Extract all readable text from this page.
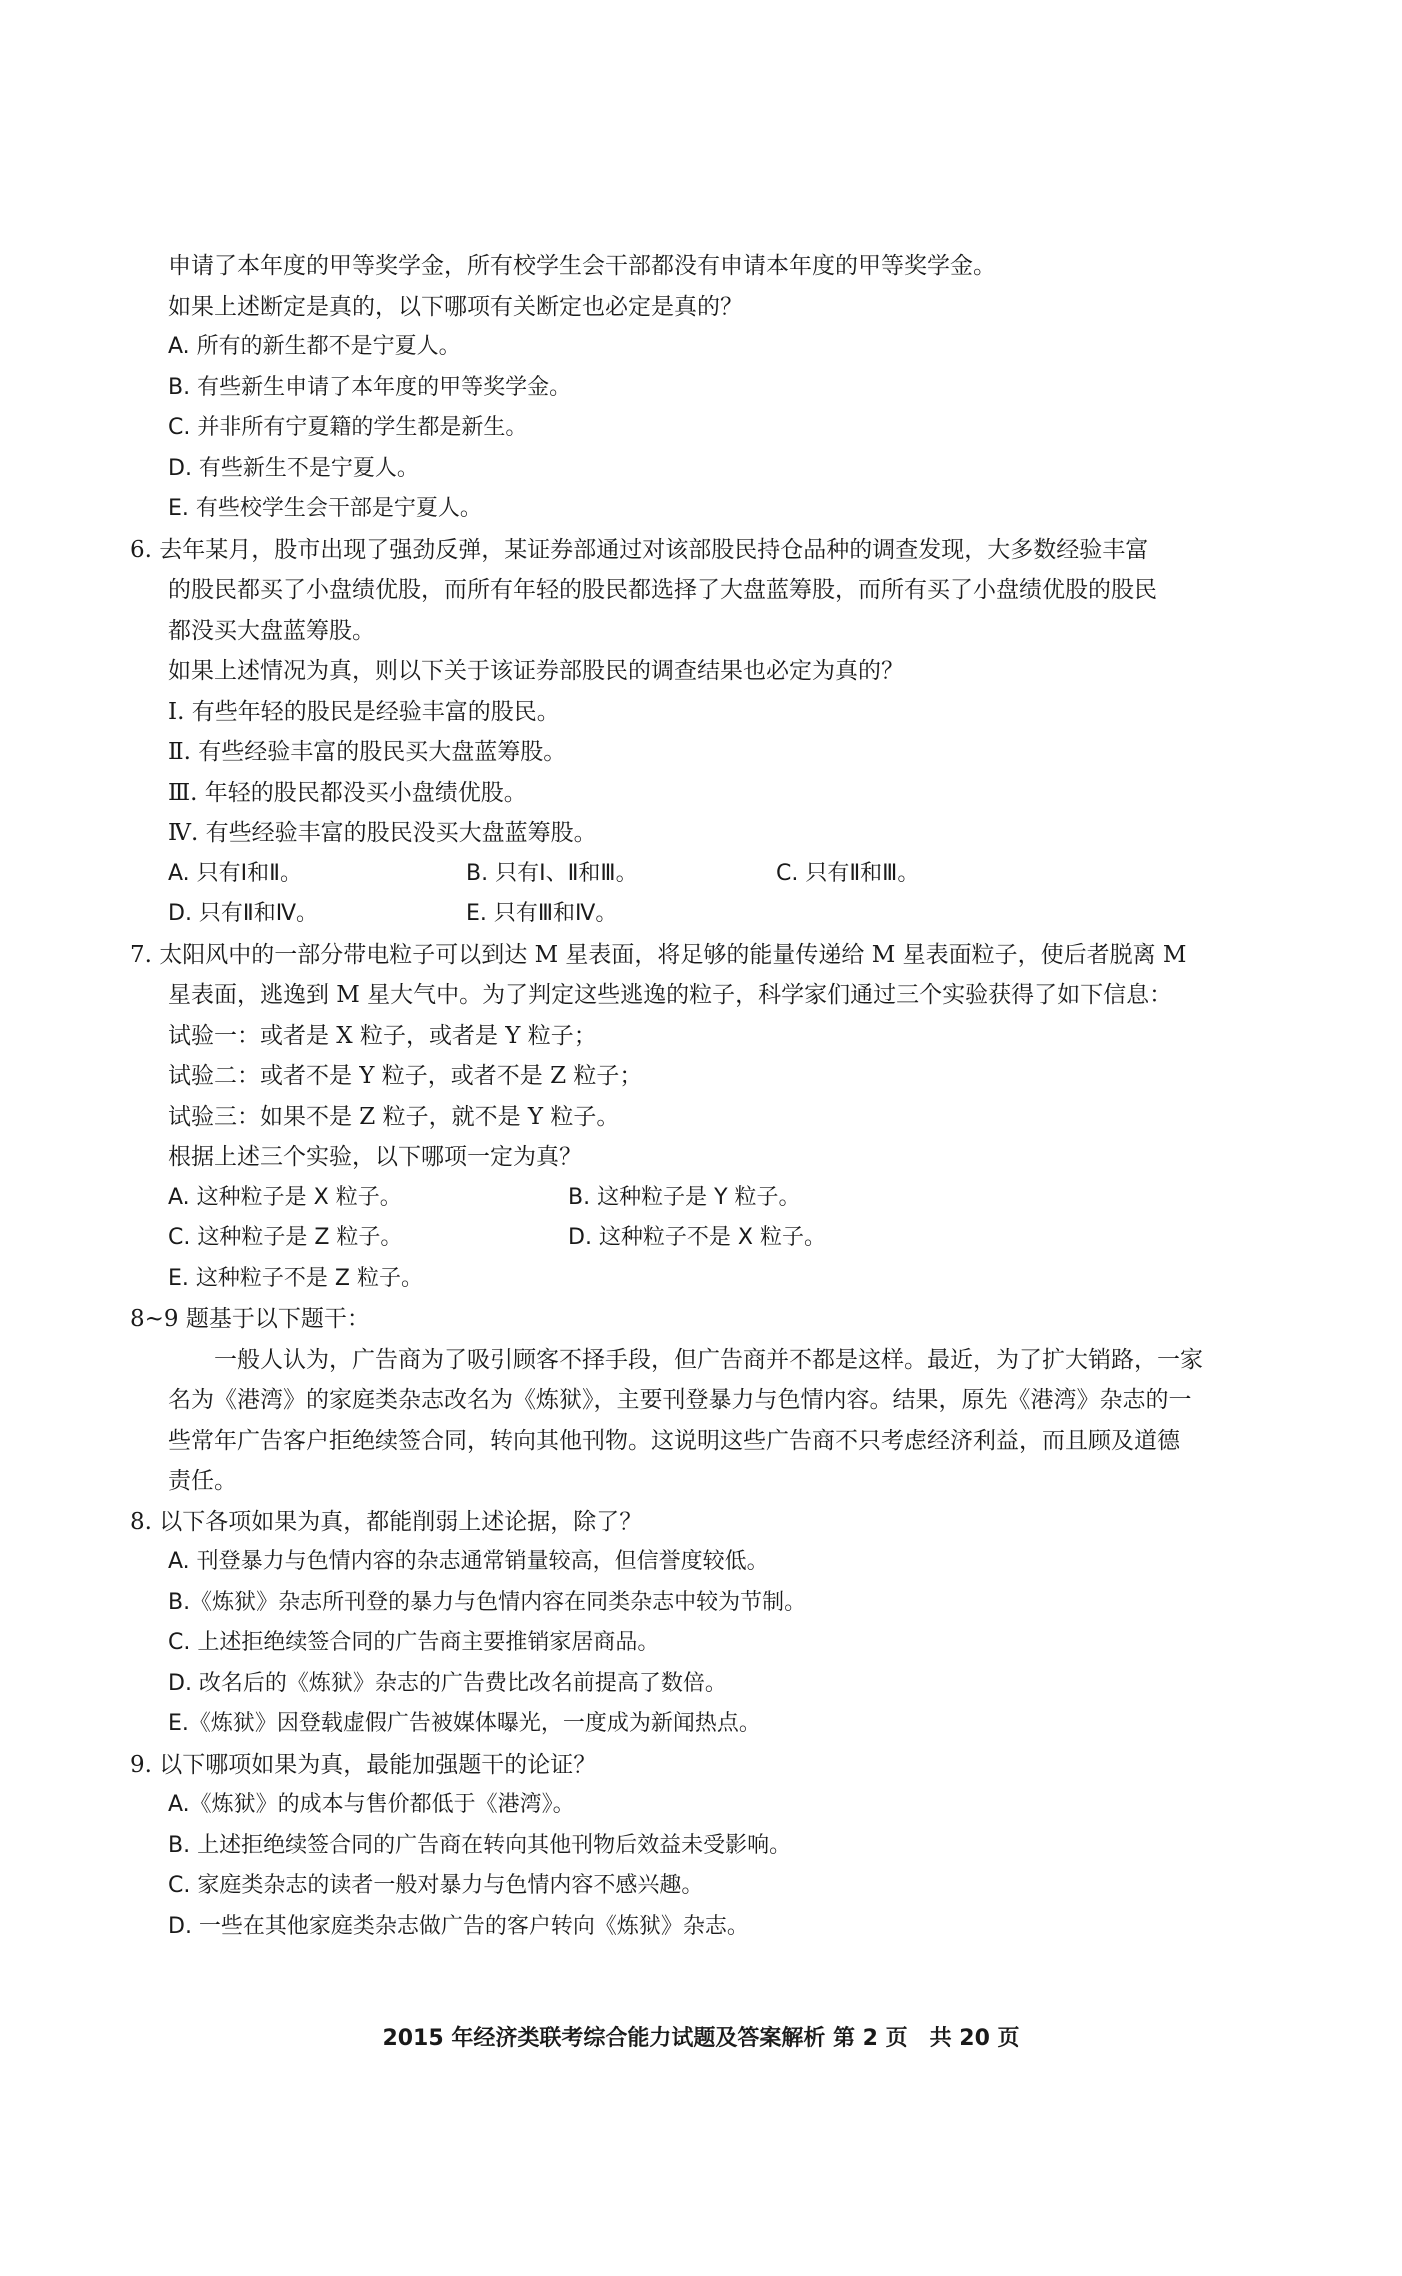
申请了本年度的甲等奖学金，所有校学生会干部都没有申请本年度的甲等奖学金。
如果上述断定是真的，以下哪项有关断定也必定是真的？
A. 所有的新生都不是宁夏人。
B. 有些新生申请了本年度的甲等奖学金。
C. 并非所有宁夏籍的学生都是新生。
D. 有些新生不是宁夏人。
E. 有些校学生会干部是宁夏人。
6. 去年某月，股市出现了强劲反弹，某证券部通过对该部股民持仓品种的调查发现，大多数经验丰富
的股民都买了小盘绩优股，而所有年轻的股民都选择了大盘蓝筹股，而所有买了小盘绩优股的股民
都没买大盘蓝筹股。
如果上述情况为真，则以下关于该证券部股民的调查结果也必定为真的？
Ⅰ. 有些年轻的股民是经验丰富的股民。
Ⅱ. 有些经验丰富的股民买大盘蓝筹股。
Ⅲ. 年轻的股民都没买小盘绩优股。
Ⅳ. 有些经验丰富的股民没买大盘蓝筹股。
A. 只有Ⅰ和Ⅱ。	B. 只有Ⅰ、Ⅱ和Ⅲ。	C. 只有Ⅱ和Ⅲ。
D. 只有Ⅱ和Ⅳ。	E. 只有Ⅲ和Ⅳ。
7. 太阳风中的一部分带电粒子可以到达 M 星表面，将足够的能量传递给 M 星表面粒子，使后者脱离 M
星表面，逃逸到 M 星大气中。为了判定这些逃逸的粒子，科学家们通过三个实验获得了如下信息：
试验一：或者是 X 粒子，或者是 Y 粒子；
试验二：或者不是 Y 粒子，或者不是 Z 粒子；
试验三：如果不是 Z 粒子，就不是 Y 粒子。
根据上述三个实验，以下哪项一定为真？
A. 这种粒子是 X 粒子。	B. 这种粒子是 Y 粒子。
C. 这种粒子是 Z 粒子。	D. 这种粒子不是 X 粒子。
E. 这种粒子不是 Z 粒子。
8~9 题基于以下题干：
一般人认为，广告商为了吸引顾客不择手段，但广告商并不都是这样。最近，为了扩大销路，一家
名为《港湾》的家庭类杂志改名为《炼狱》，主要刊登暴力与色情内容。结果，原先《港湾》杂志的一
些常年广告客户拒绝续签合同，转向其他刊物。这说明这些广告商不只考虑经济利益，而且顾及道德
责任。
8. 以下各项如果为真，都能削弱上述论据，除了？
A. 刊登暴力与色情内容的杂志通常销量较高，但信誉度较低。
B.《炼狱》杂志所刊登的暴力与色情内容在同类杂志中较为节制。
C. 上述拒绝续签合同的广告商主要推销家居商品。
D. 改名后的《炼狱》杂志的广告费比改名前提高了数倍。
E.《炼狱》因登载虚假广告被媒体曝光，一度成为新闻热点。
9. 以下哪项如果为真，最能加强题干的论证？
A.《炼狱》的成本与售价都低于《港湾》。
B. 上述拒绝续签合同的广告商在转向其他刊物后效益未受影响。
C. 家庭类杂志的读者一般对暴力与色情内容不感兴趣。
D. 一些在其他家庭类杂志做广告的客户转向《炼狱》杂志。
2015 年经济类联考综合能力试题及答案解析 第 2 页　共 20 页
